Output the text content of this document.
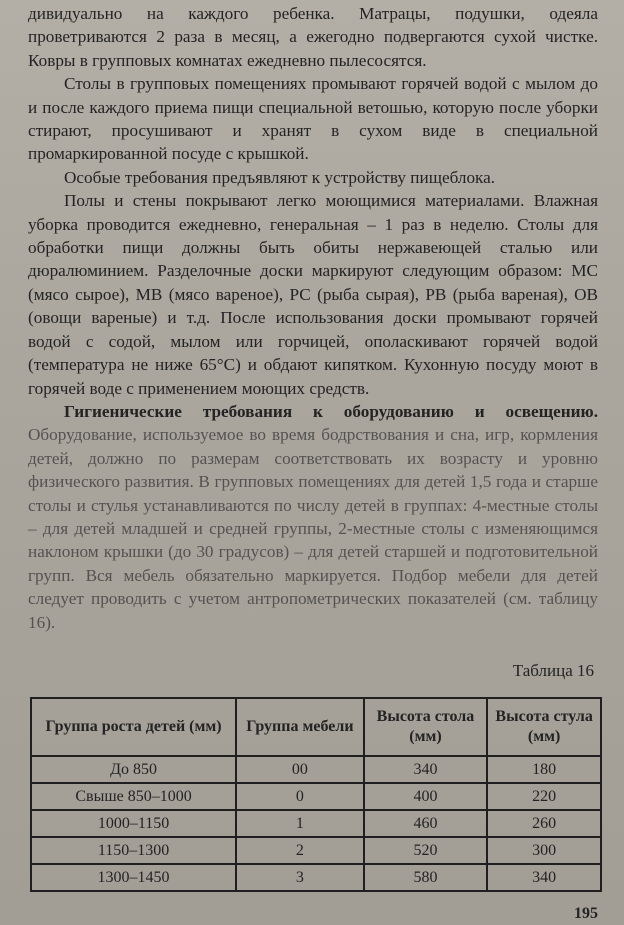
дивидуально на каждого ребенка. Матрацы, подушки, одеяла проветриваются 2 раза в месяц, а ежегодно подвергаются сухой чистке. Ковры в групповых комнатах ежедневно пылесосятся.

Столы в групповых помещениях промывают горячей водой с мылом до и после каждого приема пищи специальной ветошью, которую после уборки стирают, просушивают и хранят в сухом виде в специальной промаркированной посуде с крышкой.

Особые требования предъявляют к устройству пищеблока.

Полы и стены покрывают легко моющимися материалами. Влажная уборка проводится ежедневно, генеральная – 1 раз в неделю. Столы для обработки пищи должны быть обиты нержавеющей сталью или дюралюминием. Разделочные доски маркируют следующим образом: МС (мясо сырое), МВ (мясо вареное), РС (рыба сырая), РВ (рыба вареная), ОВ (овощи вареные) и т.д. После использования доски промывают горячей водой с содой, мылом или горчицей, ополаскивают горячей водой (температура не ниже 65°С) и обдают кипятком. Кухонную посуду моют в горячей воде с применением моющих средств.

Гигиенические требования к оборудованию и освещению. Оборудование, используемое во время бодрствования и сна, игр, кормления детей, должно по размерам соответствовать их возрасту и уровню физического развития. В групповых помещениях для детей 1,5 года и старше столы и стулья устанавливаются по числу детей в группах: 4-местные столы – для детей младшей и средней группы, 2-местные столы с изменяющимся наклоном крышки (до 30 градусов) – для детей старшей и подготовительной групп. Вся мебель обязательно маркируется. Подбор мебели для детей следует проводить с учетом антропометрических показателей (см. таблицу 16).

Таблица 16
Группа роста детей (мм)	Группа мебели	Высота стола (мм)	Высота стула (мм)
До 850	00	340	180
Свыше 850–1000	0	400	220
1000–1150	1	460	260
1150–1300	2	520	300
1300–1450	3	580	340
195
